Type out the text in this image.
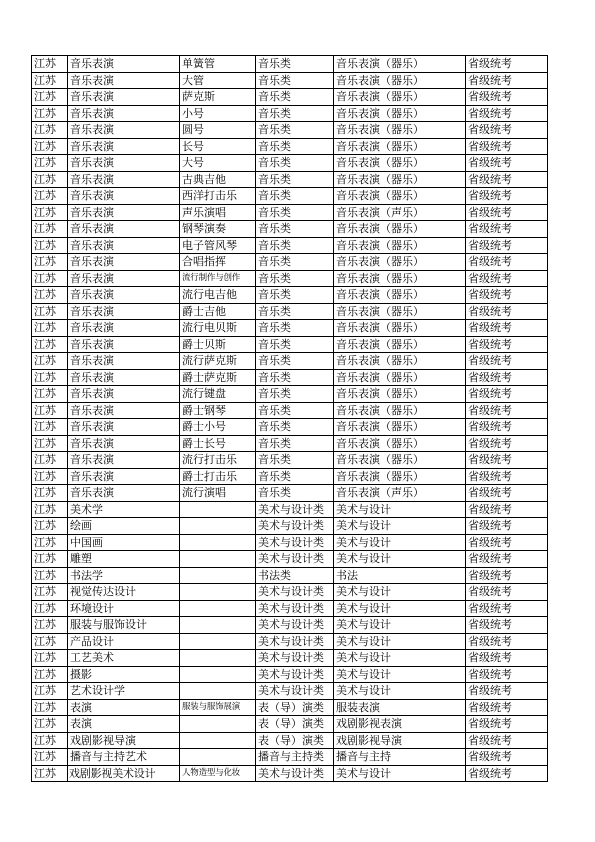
江苏	音乐表演	单簧管	音乐类	音乐表演（器乐）	省级统考
江苏	音乐表演	大管	音乐类	音乐表演（器乐）	省级统考
江苏	音乐表演	萨克斯	音乐类	音乐表演（器乐）	省级统考
江苏	音乐表演	小号	音乐类	音乐表演（器乐）	省级统考
江苏	音乐表演	圆号	音乐类	音乐表演（器乐）	省级统考
江苏	音乐表演	长号	音乐类	音乐表演（器乐）	省级统考
江苏	音乐表演	大号	音乐类	音乐表演（器乐）	省级统考
江苏	音乐表演	古典吉他	音乐类	音乐表演（器乐）	省级统考
江苏	音乐表演	西洋打击乐	音乐类	音乐表演（器乐）	省级统考
江苏	音乐表演	声乐演唱	音乐类	音乐表演（声乐）	省级统考
江苏	音乐表演	钢琴演奏	音乐类	音乐表演（器乐）	省级统考
江苏	音乐表演	电子管风琴	音乐类	音乐表演（器乐）	省级统考
江苏	音乐表演	合唱指挥	音乐类	音乐表演（器乐）	省级统考
江苏	音乐表演	流行制作与创作	音乐类	音乐表演（器乐）	省级统考
江苏	音乐表演	流行电吉他	音乐类	音乐表演（器乐）	省级统考
江苏	音乐表演	爵士吉他	音乐类	音乐表演（器乐）	省级统考
江苏	音乐表演	流行电贝斯	音乐类	音乐表演（器乐）	省级统考
江苏	音乐表演	爵士贝斯	音乐类	音乐表演（器乐）	省级统考
江苏	音乐表演	流行萨克斯	音乐类	音乐表演（器乐）	省级统考
江苏	音乐表演	爵士萨克斯	音乐类	音乐表演（器乐）	省级统考
江苏	音乐表演	流行键盘	音乐类	音乐表演（器乐）	省级统考
江苏	音乐表演	爵士钢琴	音乐类	音乐表演（器乐）	省级统考
江苏	音乐表演	爵士小号	音乐类	音乐表演（器乐）	省级统考
江苏	音乐表演	爵士长号	音乐类	音乐表演（器乐）	省级统考
江苏	音乐表演	流行打击乐	音乐类	音乐表演（器乐）	省级统考
江苏	音乐表演	爵士打击乐	音乐类	音乐表演（器乐）	省级统考
江苏	音乐表演	流行演唱	音乐类	音乐表演（声乐）	省级统考
江苏	美术学		美术与设计类	美术与设计	省级统考
江苏	绘画		美术与设计类	美术与设计	省级统考
江苏	中国画		美术与设计类	美术与设计	省级统考
江苏	雕塑		美术与设计类	美术与设计	省级统考
江苏	书法学		书法类	书法	省级统考
江苏	视觉传达设计		美术与设计类	美术与设计	省级统考
江苏	环境设计		美术与设计类	美术与设计	省级统考
江苏	服装与服饰设计		美术与设计类	美术与设计	省级统考
江苏	产品设计		美术与设计类	美术与设计	省级统考
江苏	工艺美术		美术与设计类	美术与设计	省级统考
江苏	摄影		美术与设计类	美术与设计	省级统考
江苏	艺术设计学		美术与设计类	美术与设计	省级统考
江苏	表演	服装与服饰展演	表（导）演类	服装表演	省级统考
江苏	表演		表（导）演类	戏剧影视表演	省级统考
江苏	戏剧影视导演		表（导）演类	戏剧影视导演	省级统考
江苏	播音与主持艺术		播音与主持类	播音与主持	省级统考
江苏	戏剧影视美术设计	人物造型与化妆	美术与设计类	美术与设计	省级统考
